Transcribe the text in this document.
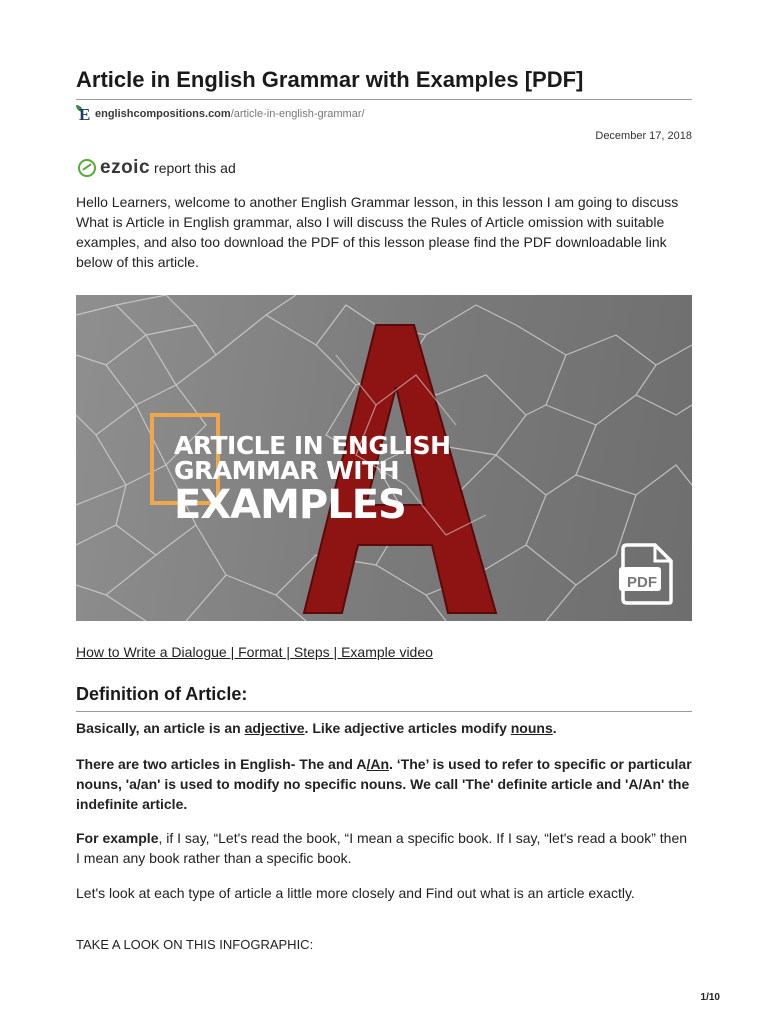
Article in English Grammar with Examples [PDF]
E englishcompositions.com /article-in-english-grammar/
December 17, 2018
ezoic report this ad

Hello Learners, welcome to another English Grammar lesson, in this lesson I am going to discuss What is Article in English grammar, also I will discuss the Rules of Article omission with suitable examples, and also too download the PDF of this lesson please find the PDF downloadable link below of this article.

ARTICLE IN ENGLISH
GRAMMAR WITH
EXAMPLES
PDF
How to Write a Dialogue | Format | Steps | Example video
Definition of Article:

Basically, an article is an adjective. Like adjective articles modify nouns.

There are two articles in English- The and A/An. ‘The’ is used to refer to specific or particular nouns, 'a/an' is used to modify no specific nouns. We call 'The' definite article and 'A/An' the indefinite article.

For example, if I say, “Let's read the book, “I mean a specific book. If I say, “let's read a book” then I mean any book rather than a specific book.

Let's look at each type of article a little more closely and Find out what is an article exactly.

TAKE A LOOK ON THIS INFOGRAPHIC:
1/10
